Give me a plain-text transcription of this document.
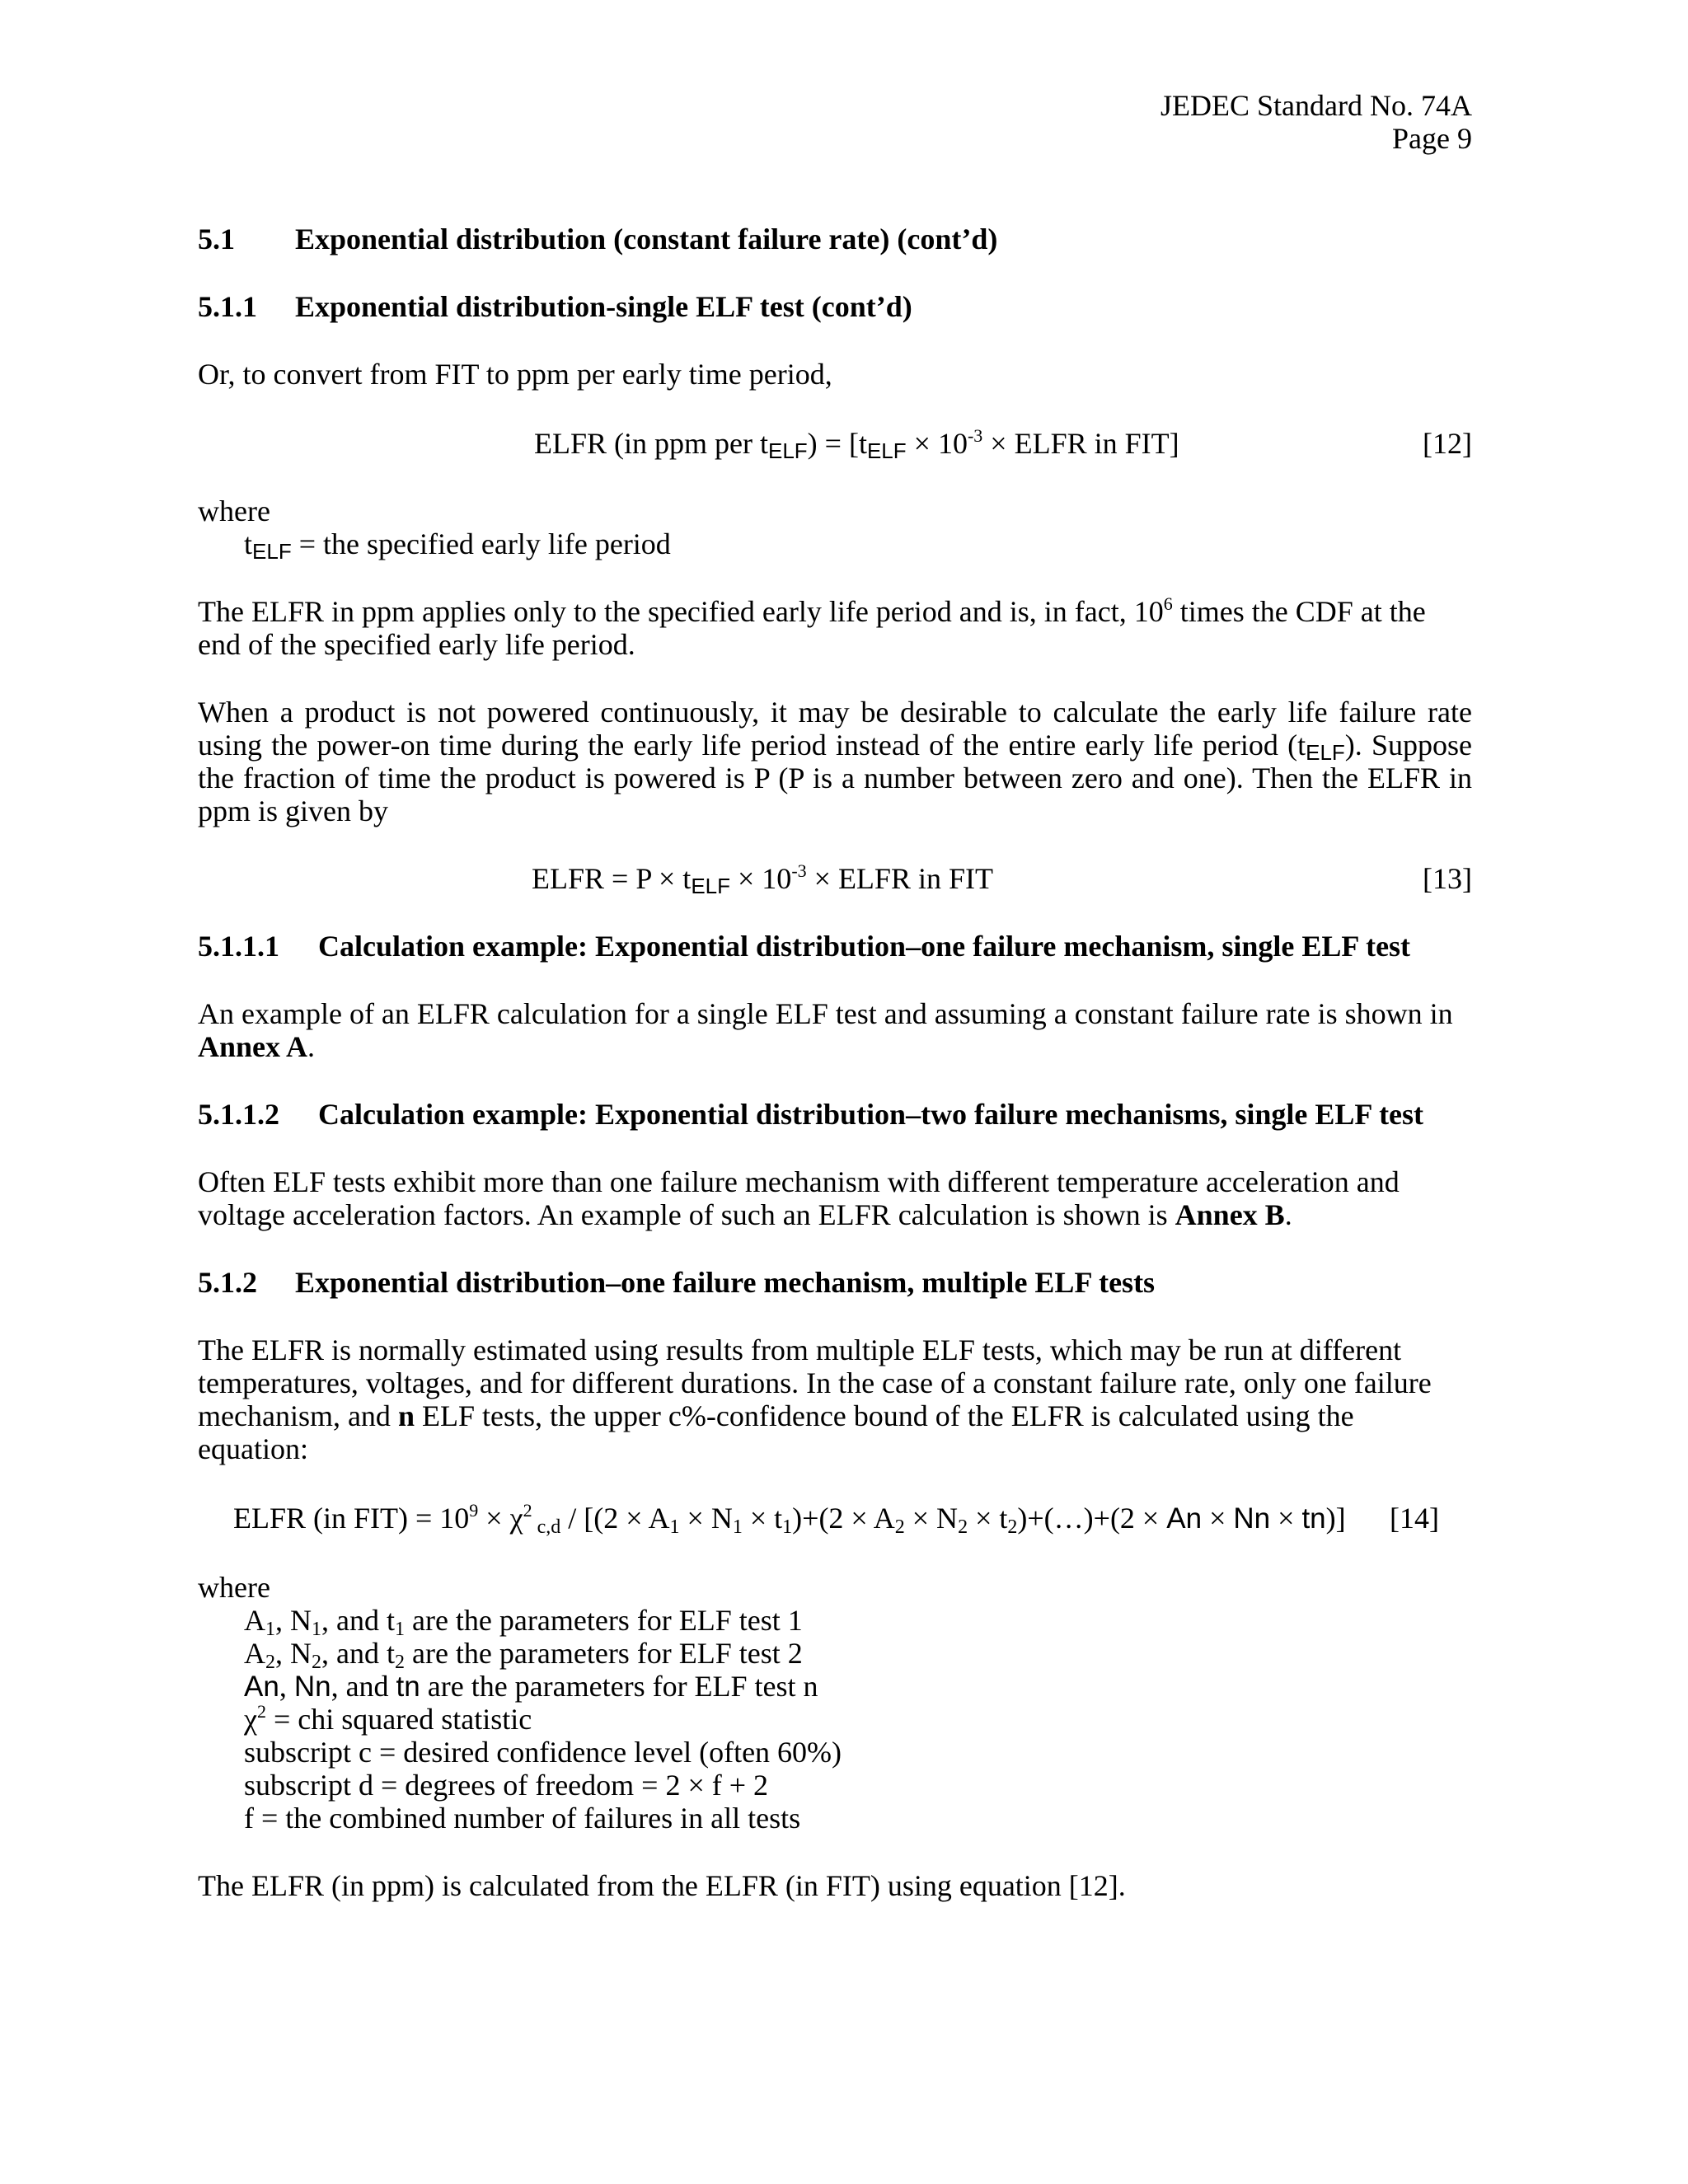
JEDEC Standard No. 74A
Page 9
5.1 Exponential distribution (constant failure rate) (cont’d)
5.1.1 Exponential distribution-single ELF test (cont’d)
Or, to convert from FIT to ppm per early time period,
ELFR (in ppm per $t_{ELF}) = [t_{ELF} \times 10^{-3}$ × ELFR in FIT]	[12]
where
$t_{ELF}$ = the specified early life period
The ELFR in ppm applies only to the specified early life period and is, in fact, $10^6$ times the CDF at the
end of the specified early life period.
When a product is not powered continuously, it may be desirable to calculate the early life failure rate
using the power-on time during the early life period instead of the entire early life period $(t_{ELF})$. Suppose
the fraction of time the product is powered is P (P is a number between zero and one). Then the ELFR in
ppm is given by
ELFR = $P \times t_{ELF} \times 10^{-3}$ × ELFR in FIT	[13]
5.1.1.1 Calculation example: Exponential distribution–one failure mechanism, single ELF test
An example of an ELFR calculation for a single ELF test and assuming a constant failure rate is shown in
Annex A.
5.1.1.2 Calculation example: Exponential distribution–two failure mechanisms, single ELF test
Often ELF tests exhibit more than one failure mechanism with different temperature acceleration and
voltage acceleration factors. An example of such an ELFR calculation is shown is Annex B.
5.1.2 Exponential distribution–one failure mechanism, multiple ELF tests
The ELFR is normally estimated using results from multiple ELF tests, which may be run at different
temperatures, voltages, and for different durations. In the case of a constant failure rate, only one failure
mechanism, and n ELF tests, the upper c%-confidence bound of the ELFR is calculated using the
equation:
ELFR (in $FIT) = 10^9 \times \chi^2$ $_{c,d} / [(2 \times A_1 \times N_1 \times t_1)+(2 \times A_2 \times N_2$ × $t_2)+(\dots)+(2 \times An \times Nn \times tn)$] [14]
where
$A_1$, $N_1$, and $t_1$ are the parameters for ELF test 1
$A_2$, $N_2$, and $t_2$ are the parameters for ELF test 2
An, Nn, and tn are the parameters for ELF test n
$\chi^2$ = chi squared statistic
subscript c = desired confidence level (often 60%)
subscript d = degrees of freedom = 2 × f + 2
f = the combined number of failures in all tests
The ELFR (in ppm) is calculated from the ELFR (in FIT) using equation [12].
